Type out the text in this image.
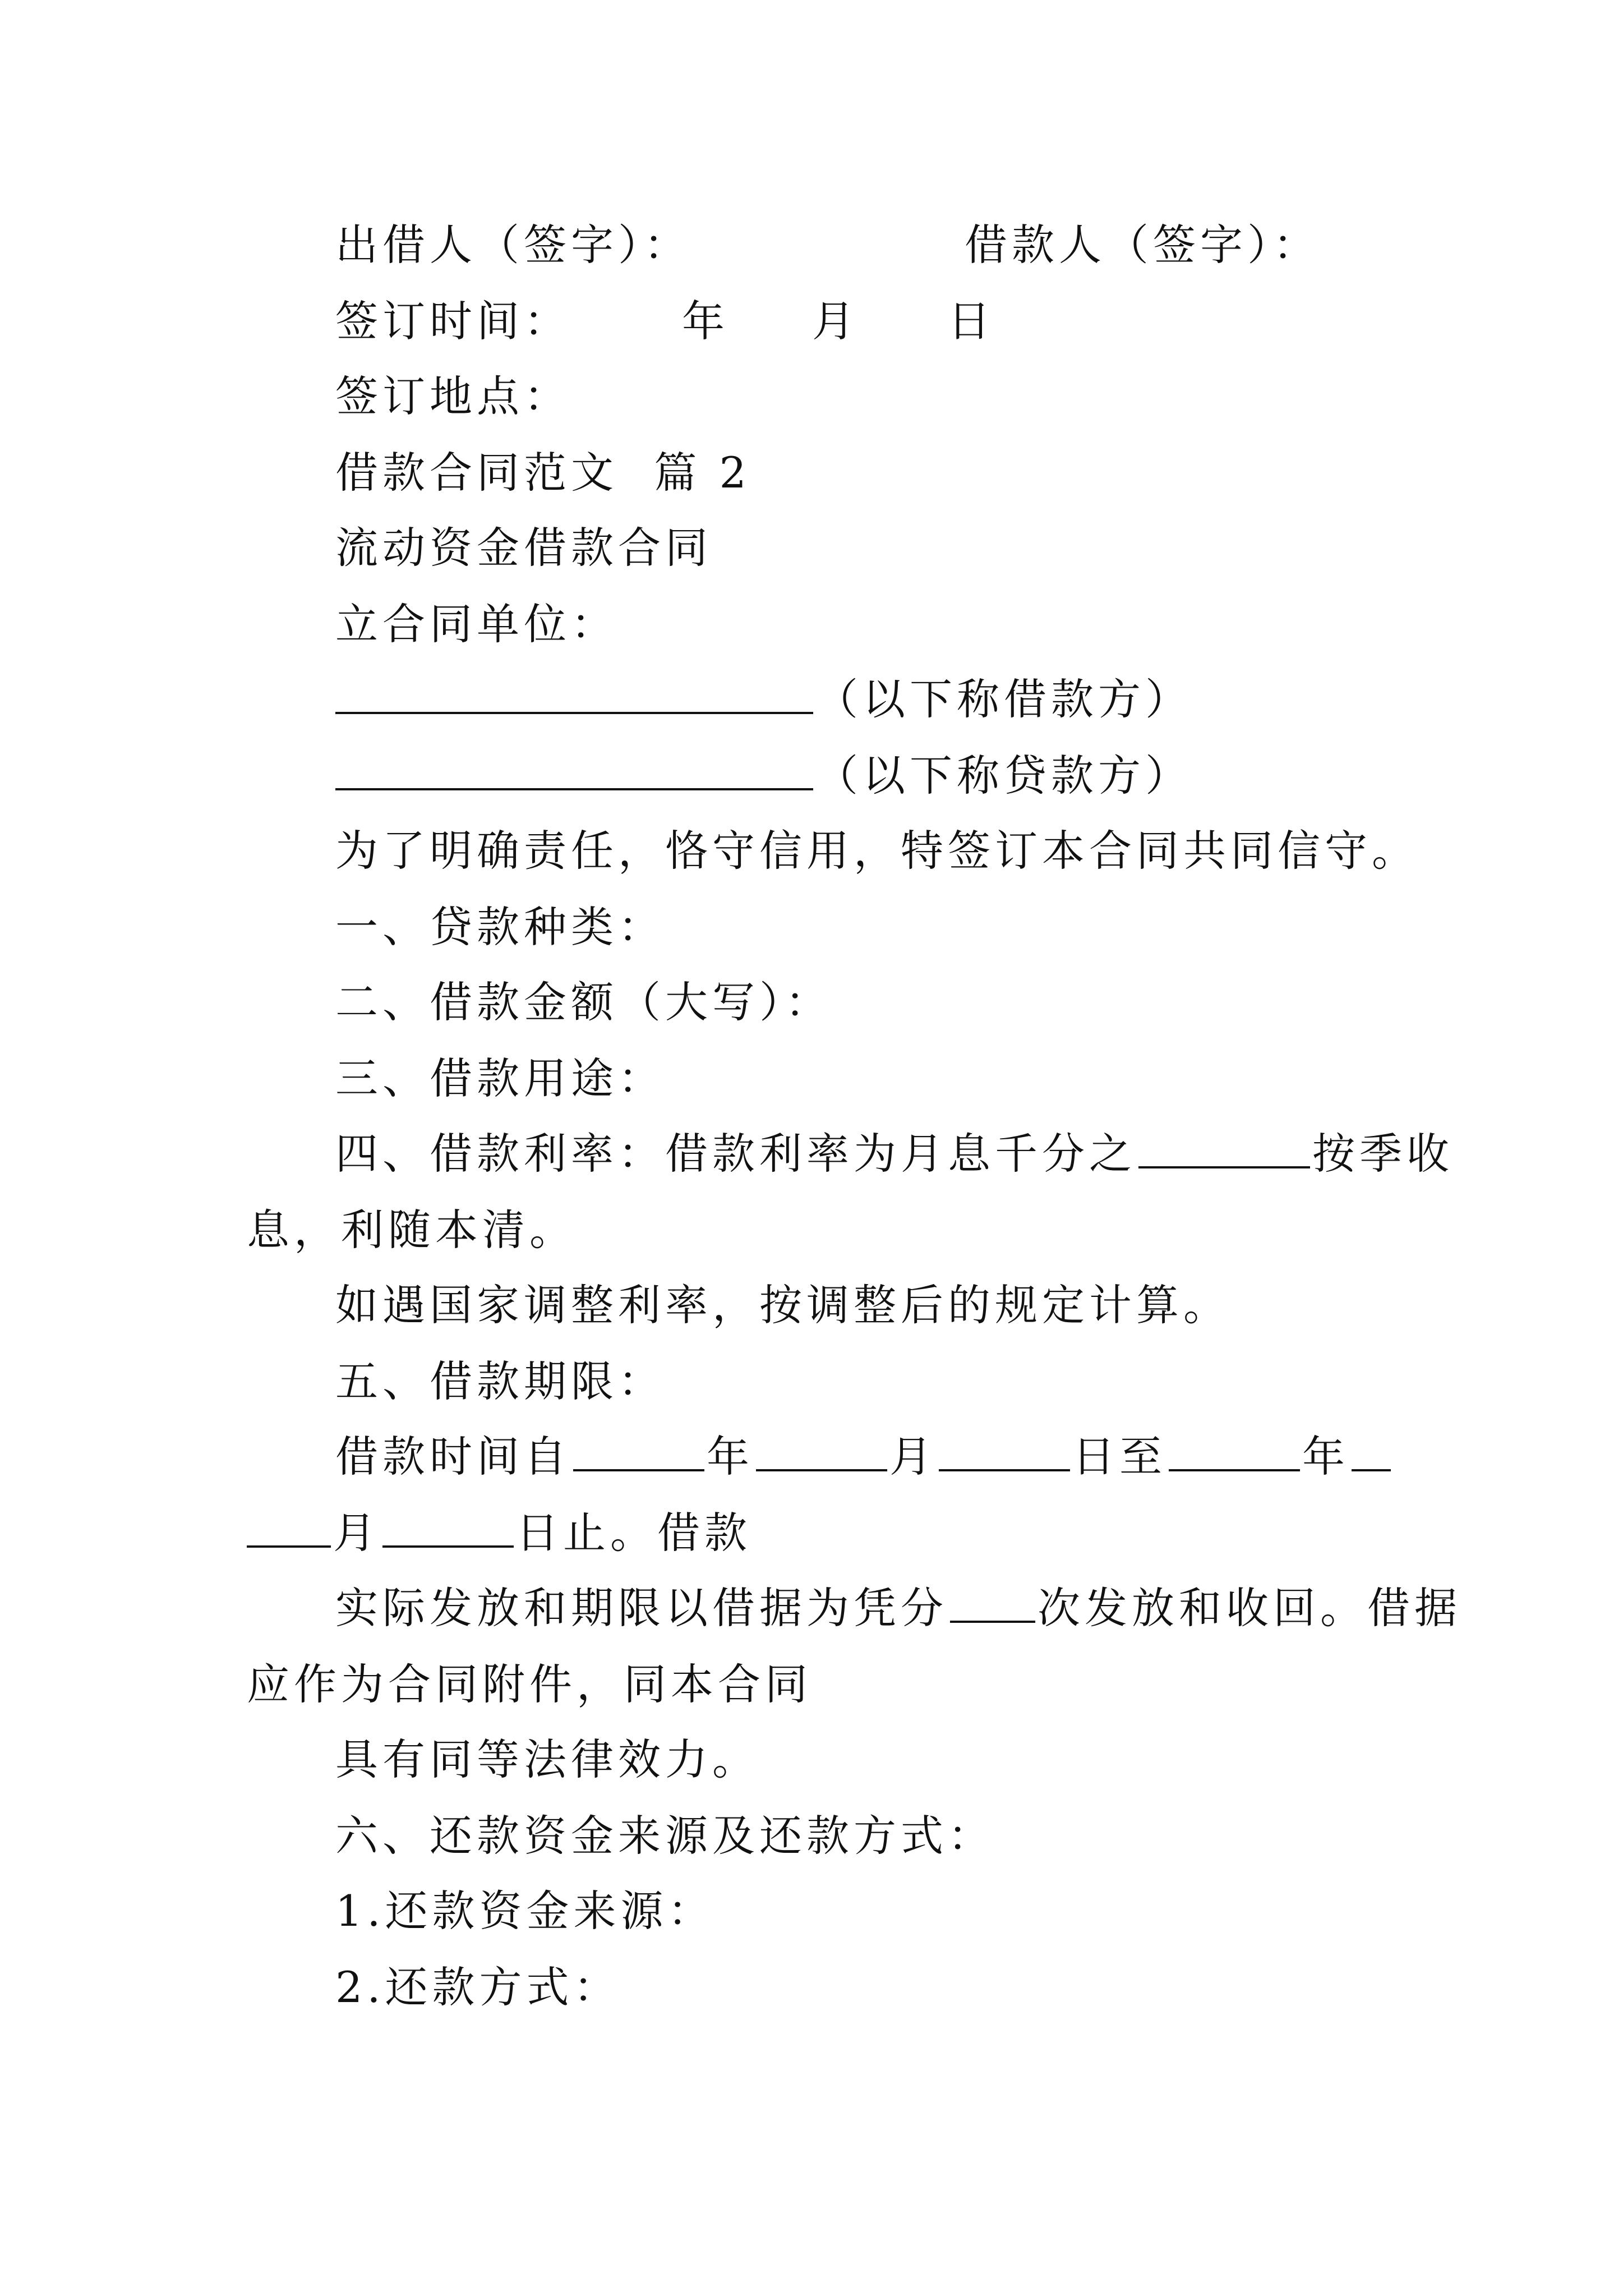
出借人（签字）：	借款人（签字）：

签订时间：	年 月 日

签订地点：

借款合同范文  篇 2

流动资金借款合同

立合同单位：

（以下称借款方）

（以下称贷款方）

为了明确责任，恪守信用，特签订本合同共同信守。

一、贷款种类：

二、借款金额（大写）：

三、借款用途：

四、借款利率：借款利率为月息千分之	按季收

息，利随本清。

如遇国家调整利率，按调整后的规定计算。

五、借款期限：

借款时间自	年	月	日至	年

月	日止。借款

实际发放和期限以借据为凭分 次发放和收回。借据

应作为合同附件，同本合同

具有同等法律效力。

六、还款资金来源及还款方式：

1.还款资金来源：

2.还款方式：
